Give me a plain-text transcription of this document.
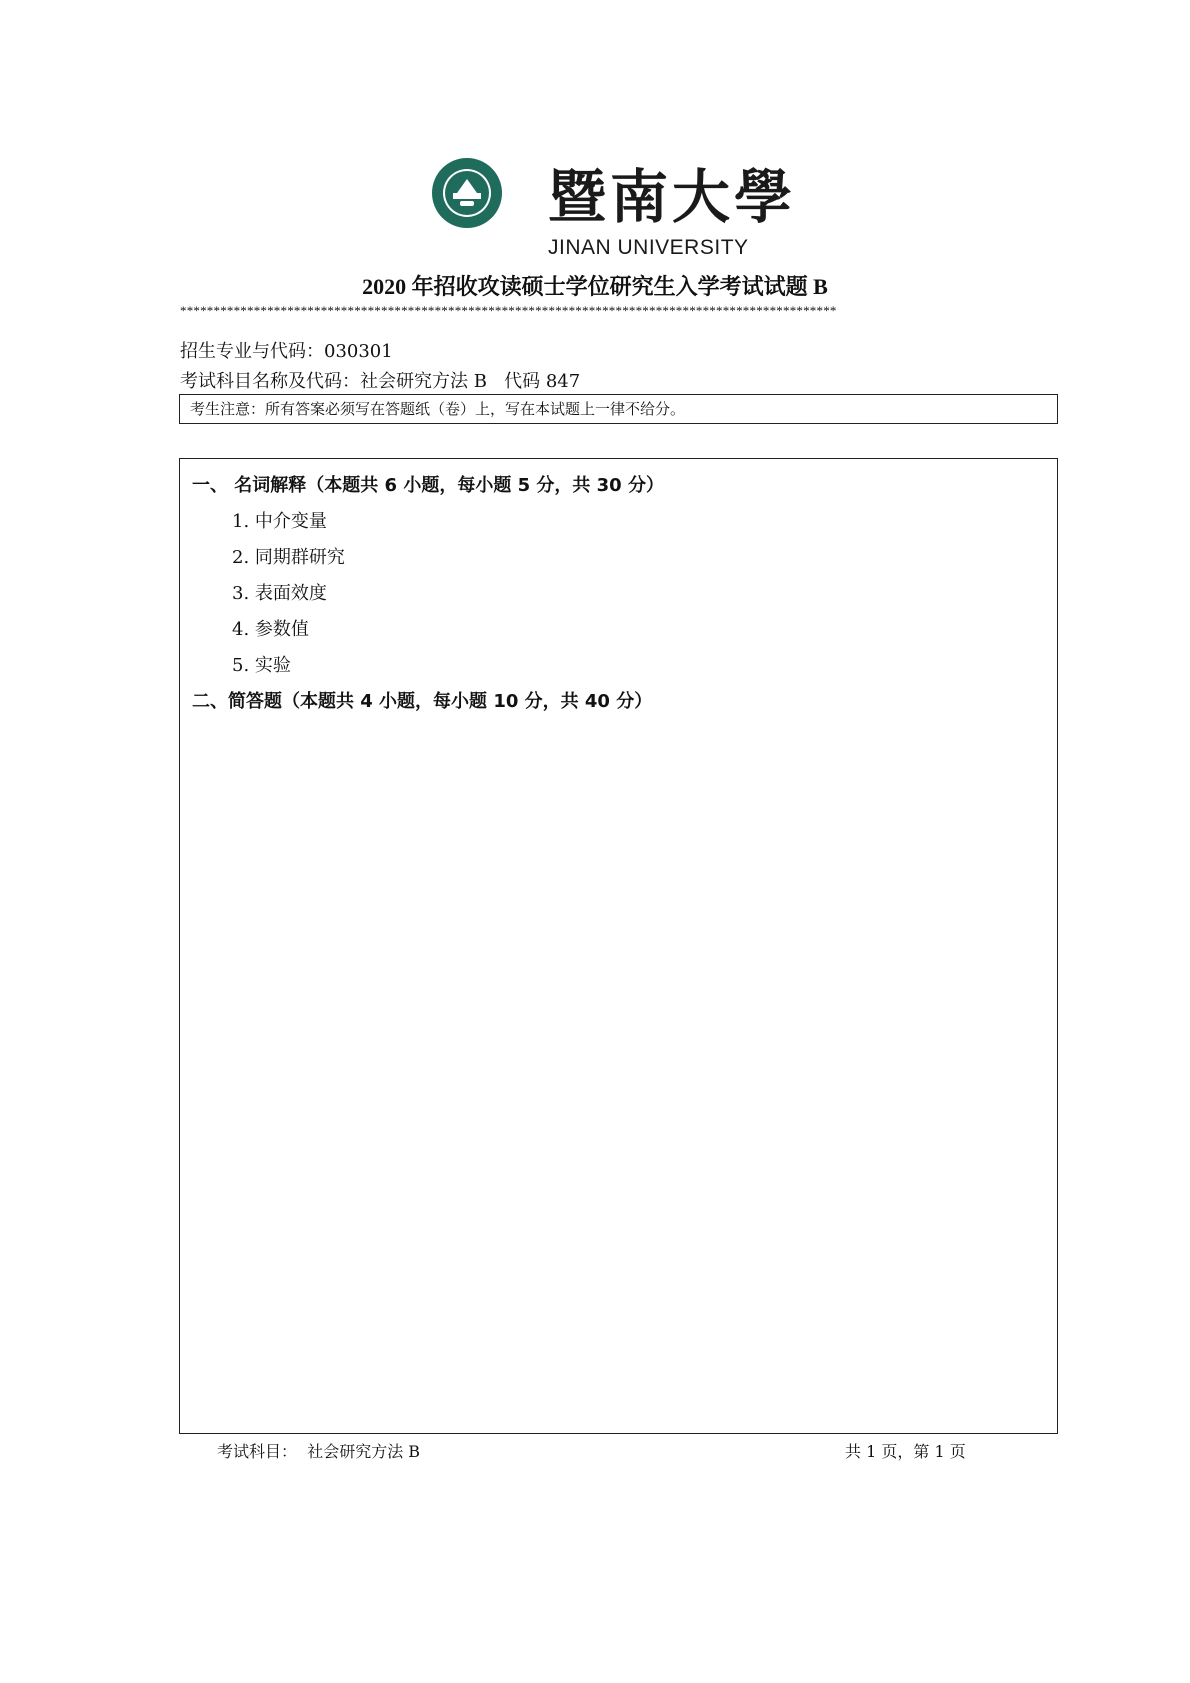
暨南大學
JINAN UNIVERSITY
2020 年招收攻读硕士学位研究生入学考试试题 B
**************************************************************************************************
招生专业与代码：030301
考试科目名称及代码：社会研究方法 B 代码 847
考生注意：所有答案必须写在答题纸（卷）上，写在本试题上一律不给分。
一、 名词解释（本题共 6 小题，每小题 5 分，共 30 分）
1. 中介变量
2. 同期群研究
3. 表面效度
4. 参数值
5. 实验
二、简答题（本题共 4 小题，每小题 10 分，共 40 分）
考试科目： 社会研究方法 B	共 1 页，第 1 页
